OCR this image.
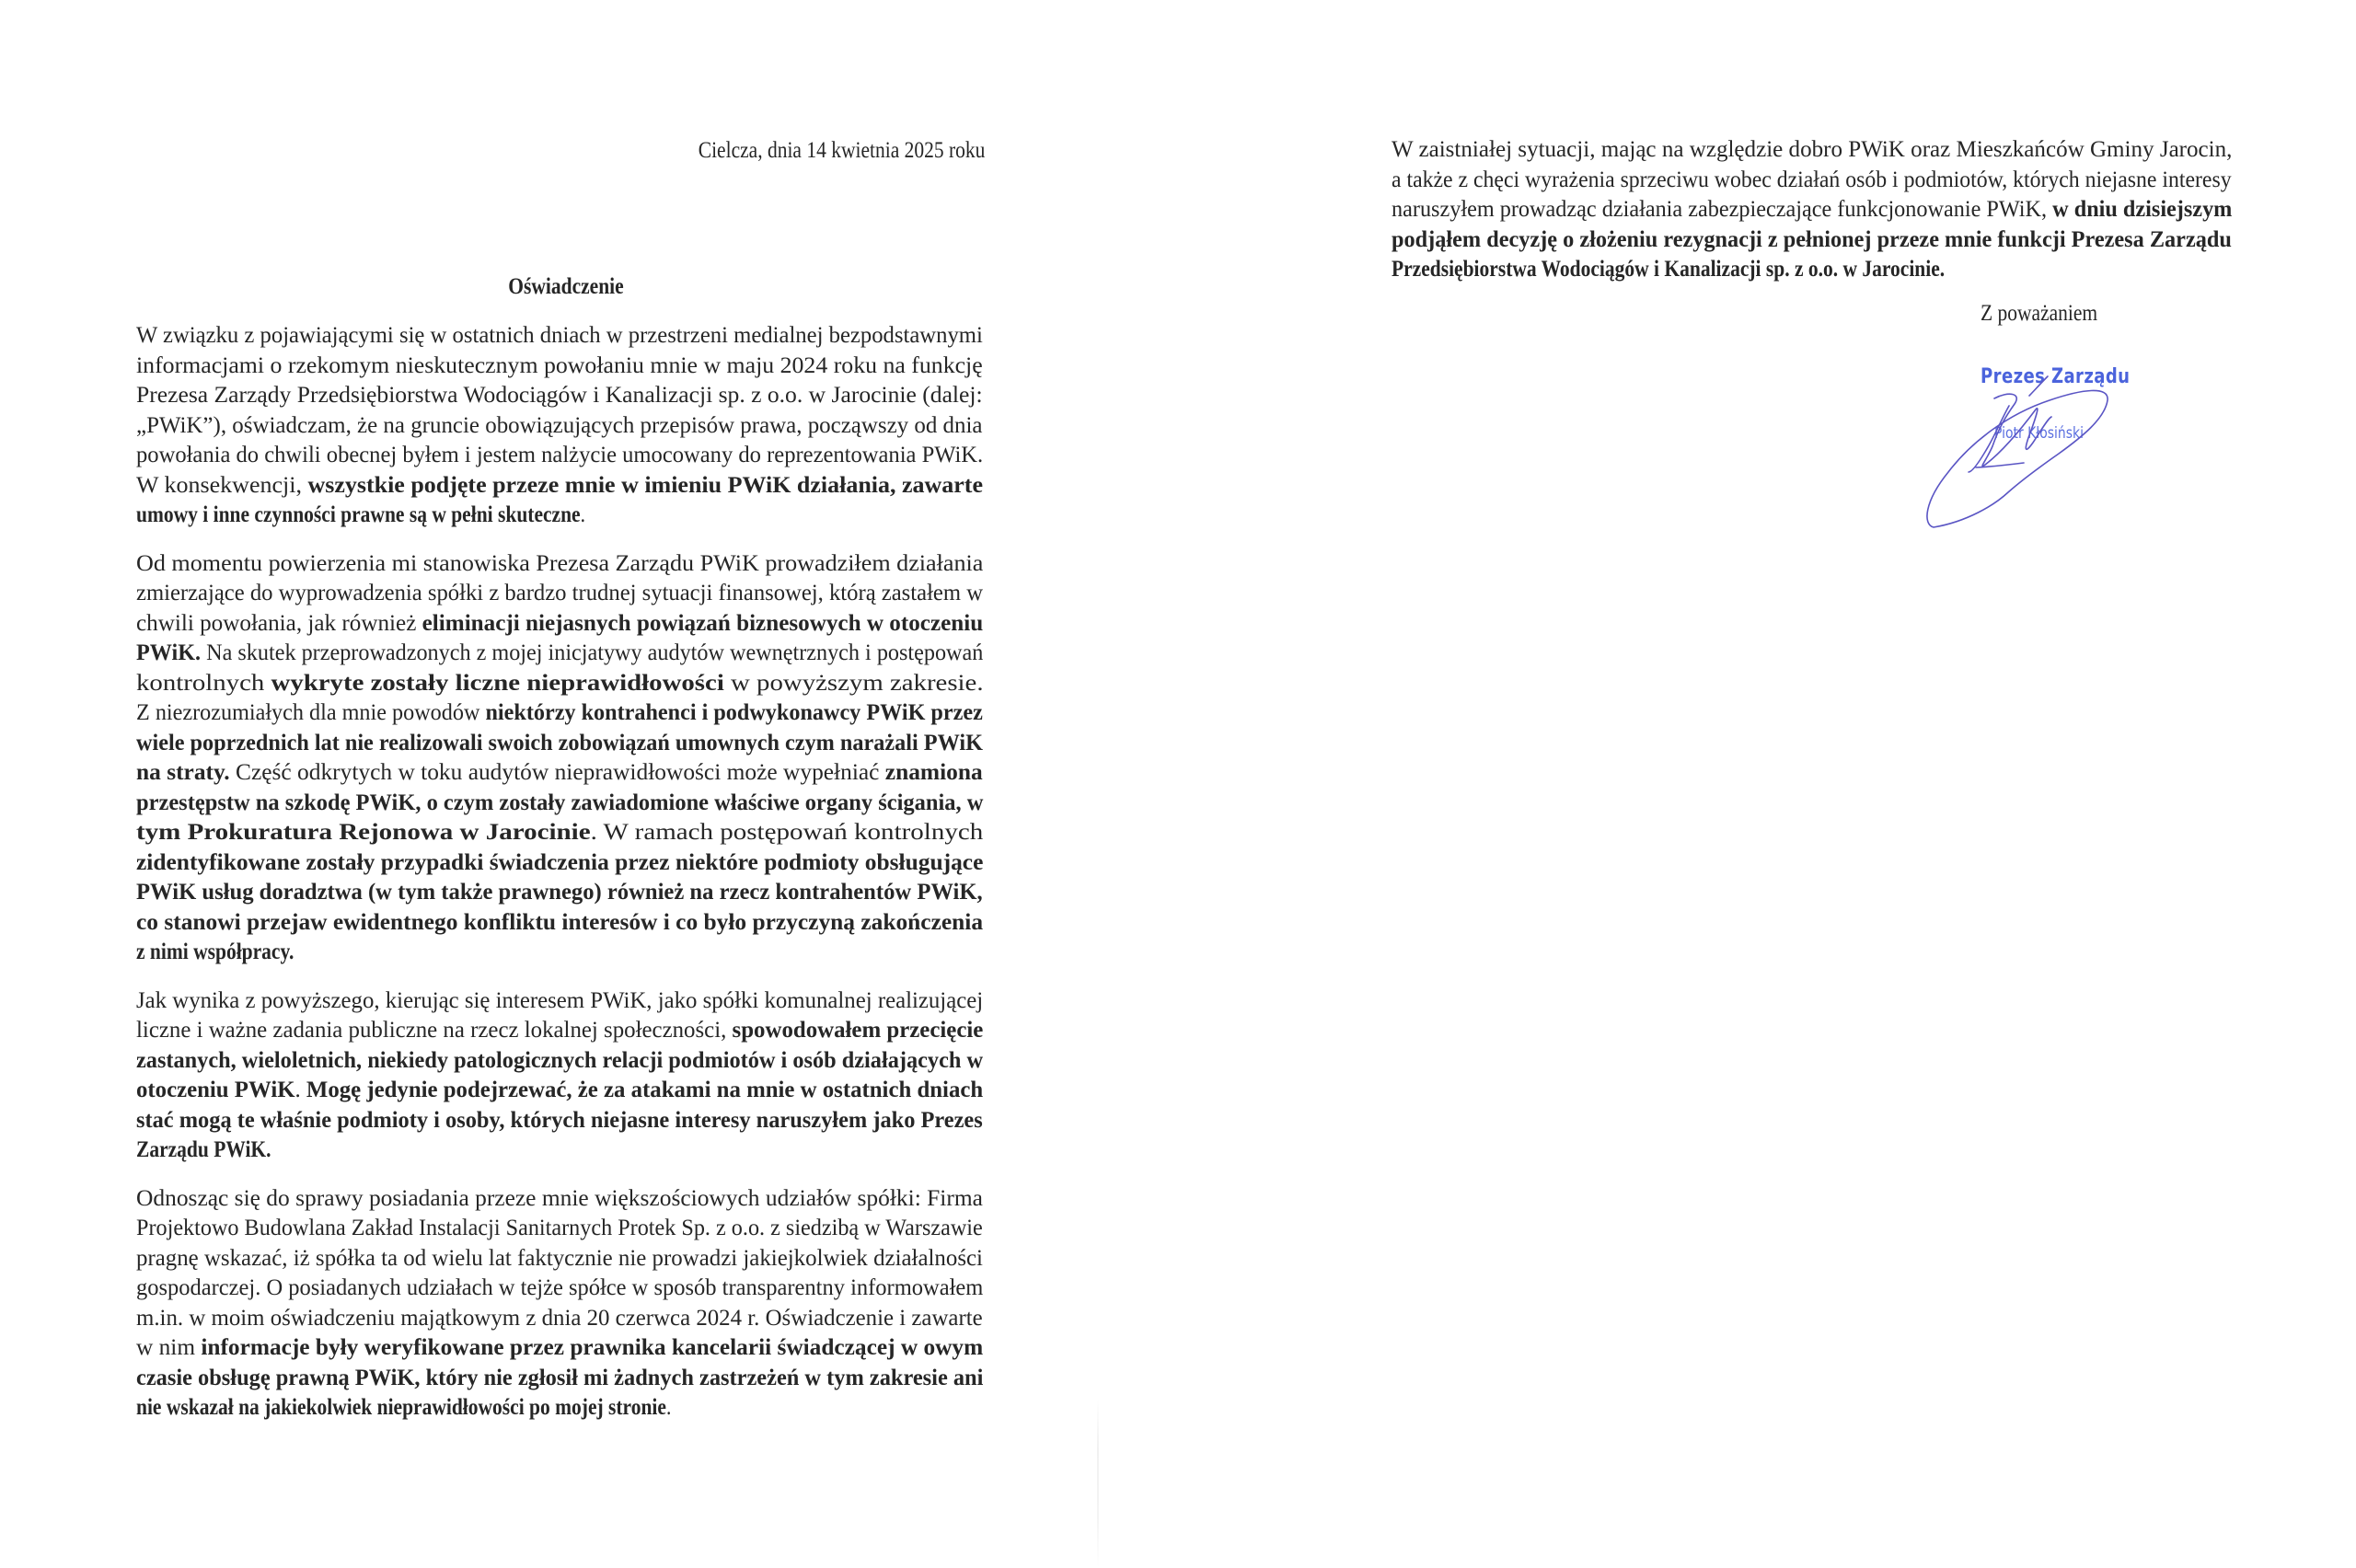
Cielcza, dnia 14 kwietnia 2025 roku
Oświadczenie
W związku z pojawiającymi się w ostatnich dniach w przestrzeni medialnej bezpodstawnymi
informacjami o rzekomym nieskutecznym powołaniu mnie w maju 2024 roku na funkcję
Prezesa Zarządy Przedsiębiorstwa Wodociągów i Kanalizacji sp. z o.o. w Jarocinie (dalej:
„PWiK”), oświadczam, że na gruncie obowiązujących przepisów prawa, począwszy od dnia
powołania do chwili obecnej byłem i jestem nalżycie umocowany do reprezentowania PWiK.
W konsekwencji, wszystkie podjęte przeze mnie w imieniu PWiK działania, zawarte
umowy i inne czynności prawne są w pełni skuteczne.
Od momentu powierzenia mi stanowiska Prezesa Zarządu PWiK prowadziłem działania
zmierzające do wyprowadzenia spółki z bardzo trudnej sytuacji finansowej, którą zastałem w
chwili powołania, jak również eliminacji niejasnych powiązań biznesowych w otoczeniu
PWiK. Na skutek przeprowadzonych z mojej inicjatywy audytów wewnętrznych i postępowań
kontrolnych wykryte zostały liczne nieprawidłowości w powyższym zakresie.
Z niezrozumiałych dla mnie powodów niektórzy kontrahenci i podwykonawcy PWiK przez
wiele poprzednich lat nie realizowali swoich zobowiązań umownych czym narażali PWiK
na straty. Część odkrytych w toku audytów nieprawidłowości może wypełniać znamiona
przestępstw na szkodę PWiK, o czym zostały zawiadomione właściwe organy ścigania, w
tym Prokuratura Rejonowa w Jarocinie. W ramach postępowań kontrolnych
zidentyfikowane zostały przypadki świadczenia przez niektóre podmioty obsługujące
PWiK usług doradztwa (w tym także prawnego) również na rzecz kontrahentów PWiK,
co stanowi przejaw ewidentnego konfliktu interesów i co było przyczyną zakończenia
z nimi współpracy.
Jak wynika z powyższego, kierując się interesem PWiK, jako spółki komunalnej realizującej
liczne i ważne zadania publiczne na rzecz lokalnej społeczności, spowodowałem przecięcie
zastanych, wieloletnich, niekiedy patologicznych relacji podmiotów i osób działających w
otoczeniu PWiK. Mogę jedynie podejrzewać, że za atakami na mnie w ostatnich dniach
stać mogą te właśnie podmioty i osoby, których niejasne interesy naruszyłem jako Prezes
Zarządu PWiK.
Odnosząc się do sprawy posiadania przeze mnie większościowych udziałów spółki: Firma
Projektowo Budowlana Zakład Instalacji Sanitarnych Protek Sp. z o.o. z siedzibą w Warszawie
pragnę wskazać, iż spółka ta od wielu lat faktycznie nie prowadzi jakiejkolwiek działalności
gospodarczej. O posiadanych udziałach w tejże spółce w sposób transparentny informowałem
m.in. w moim oświadczeniu majątkowym z dnia 20 czerwca 2024 r. Oświadczenie i zawarte
w nim informacje były weryfikowane przez prawnika kancelarii świadczącej w owym
czasie obsługę prawną PWiK, który nie zgłosił mi żadnych zastrzeżeń w tym zakresie ani
nie wskazał na jakiekolwiek nieprawidłowości po mojej stronie.
W zaistniałej sytuacji, mając na względzie dobro PWiK oraz Mieszkańców Gminy Jarocin,
a także z chęci wyrażenia sprzeciwu wobec działań osób i podmiotów, których niejasne interesy
naruszyłem prowadząc działania zabezpieczające funkcjonowanie PWiK, w dniu dzisiejszym
podjąłem decyzję o złożeniu rezygnacji z pełnionej przeze mnie funkcji Prezesa Zarządu
Przedsiębiorstwa Wodociągów i Kanalizacji sp. z o.o. w Jarocinie.
Z poważaniem
Prezes Zarządu
Piotr Kłosiński
